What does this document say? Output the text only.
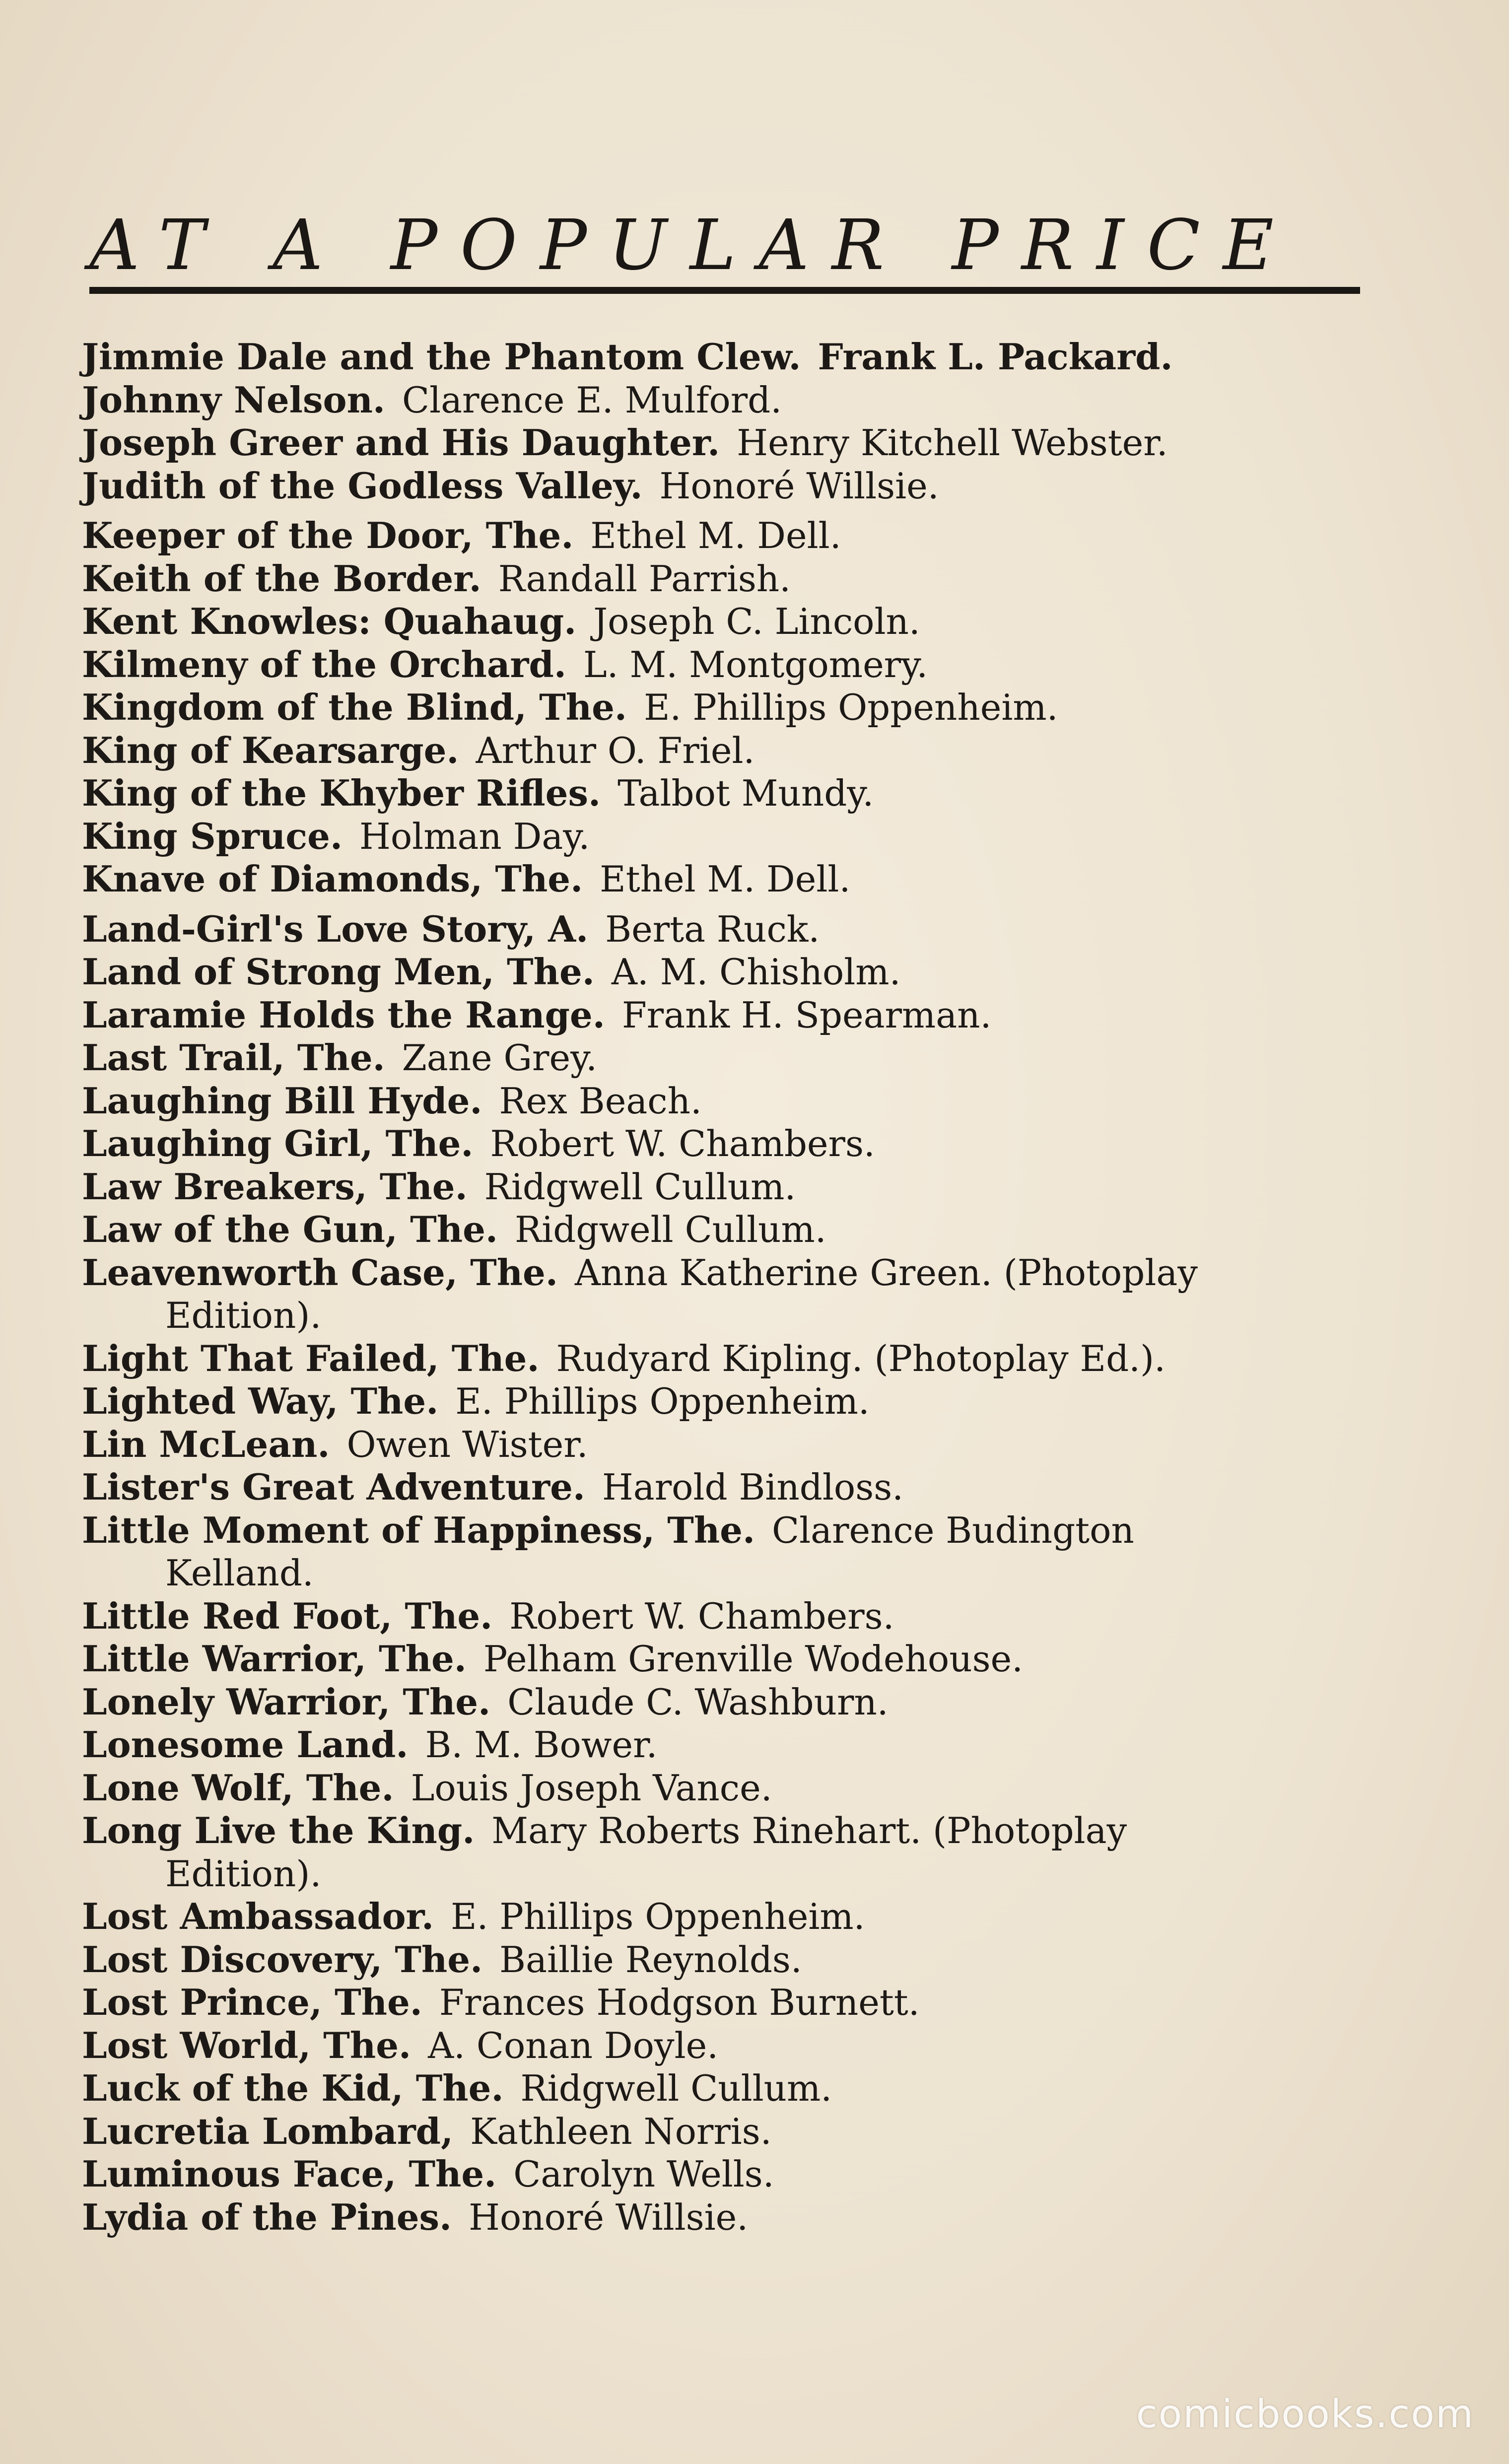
AT A POPULAR PRICE
Jimmie Dale and the Phantom Clew. Frank L. Packard.
Johnny Nelson. Clarence E. Mulford.
Joseph Greer and His Daughter. Henry Kitchell Webster.
Judith of the Godless Valley. Honoré Willsie.
Keeper of the Door, The. Ethel M. Dell.
Keith of the Border. Randall Parrish.
Kent Knowles: Quahaug. Joseph C. Lincoln.
Kilmeny of the Orchard. L. M. Montgomery.
Kingdom of the Blind, The. E. Phillips Oppenheim.
King of Kearsarge. Arthur O. Friel.
King of the Khyber Rifles. Talbot Mundy.
King Spruce. Holman Day.
Knave of Diamonds, The. Ethel M. Dell.
Land-Girl's Love Story, A. Berta Ruck.
Land of Strong Men, The. A. M. Chisholm.
Laramie Holds the Range. Frank H. Spearman.
Last Trail, The. Zane Grey.
Laughing Bill Hyde. Rex Beach.
Laughing Girl, The. Robert W. Chambers.
Law Breakers, The. Ridgwell Cullum.
Law of the Gun, The. Ridgwell Cullum.
Leavenworth Case, The. Anna Katherine Green. (Photoplay
Edition).
Light That Failed, The. Rudyard Kipling. (Photoplay Ed.).
Lighted Way, The. E. Phillips Oppenheim.
Lin McLean. Owen Wister.
Lister's Great Adventure. Harold Bindloss.
Little Moment of Happiness, The. Clarence Budington
Kelland.
Little Red Foot, The. Robert W. Chambers.
Little Warrior, The. Pelham Grenville Wodehouse.
Lonely Warrior, The. Claude C. Washburn.
Lonesome Land. B. M. Bower.
Lone Wolf, The. Louis Joseph Vance.
Long Live the King. Mary Roberts Rinehart. (Photoplay
Edition).
Lost Ambassador. E. Phillips Oppenheim.
Lost Discovery, The. Baillie Reynolds.
Lost Prince, The. Frances Hodgson Burnett.
Lost World, The. A. Conan Doyle.
Luck of the Kid, The. Ridgwell Cullum.
Lucretia Lombard, Kathleen Norris.
Luminous Face, The. Carolyn Wells.
Lydia of the Pines. Honoré Willsie.
comicbooks.com
